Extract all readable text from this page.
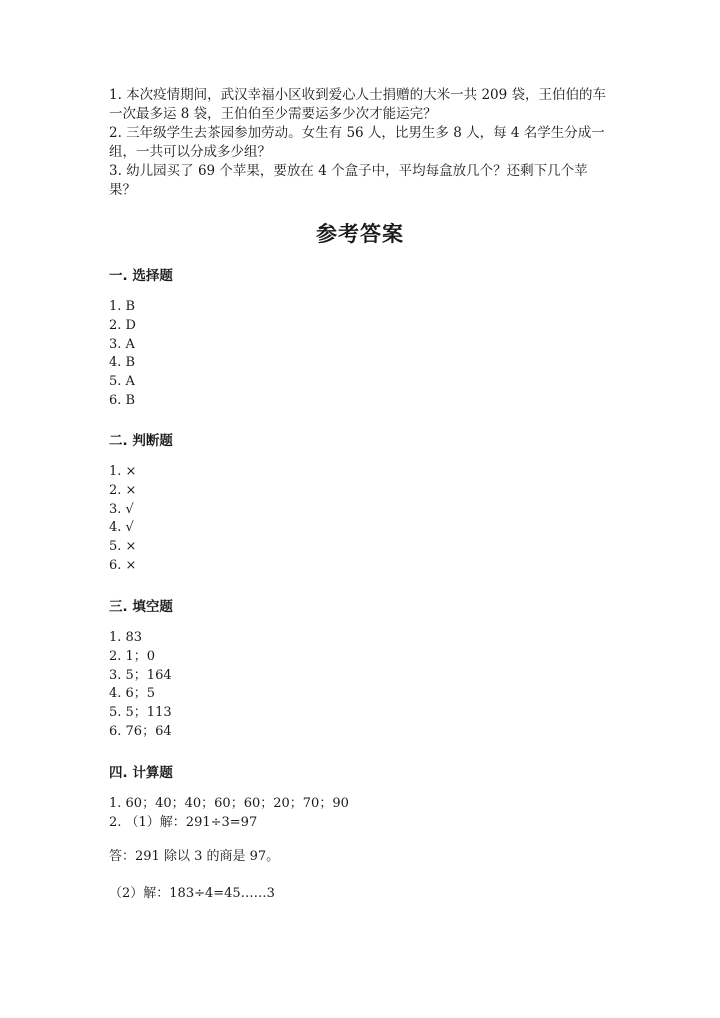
1. 本次疫情期间，武汉幸福小区收到爱心人士捐赠的大米一共 209 袋，王伯伯的车一次最多运 8 袋，王伯伯至少需要运多少次才能运完？

2. 三年级学生去茶园参加劳动。女生有 56 人，比男生多 8 人，每 4 名学生分成一组，一共可以分成多少组？

3. 幼儿园买了 69 个苹果，要放在 4 个盒子中，平均每盒放几个？还剩下几个苹果？

参考答案
一. 选择题
1. B
2. D
3. A
4. B
5. A
6. B
二. 判断题
1. ×
2. ×
3. √
4. √
5. ×
6. ×
三. 填空题
1. 83
2. 1；0
3. 5；164
4. 6；5
5. 5；113
6. 76；64
四. 计算题
1. 60；40；40；60；60；20；70；90
2. （1）解：291÷3=97
答：291 除以 3 的商是 97。
（2）解：183÷4=45……3
